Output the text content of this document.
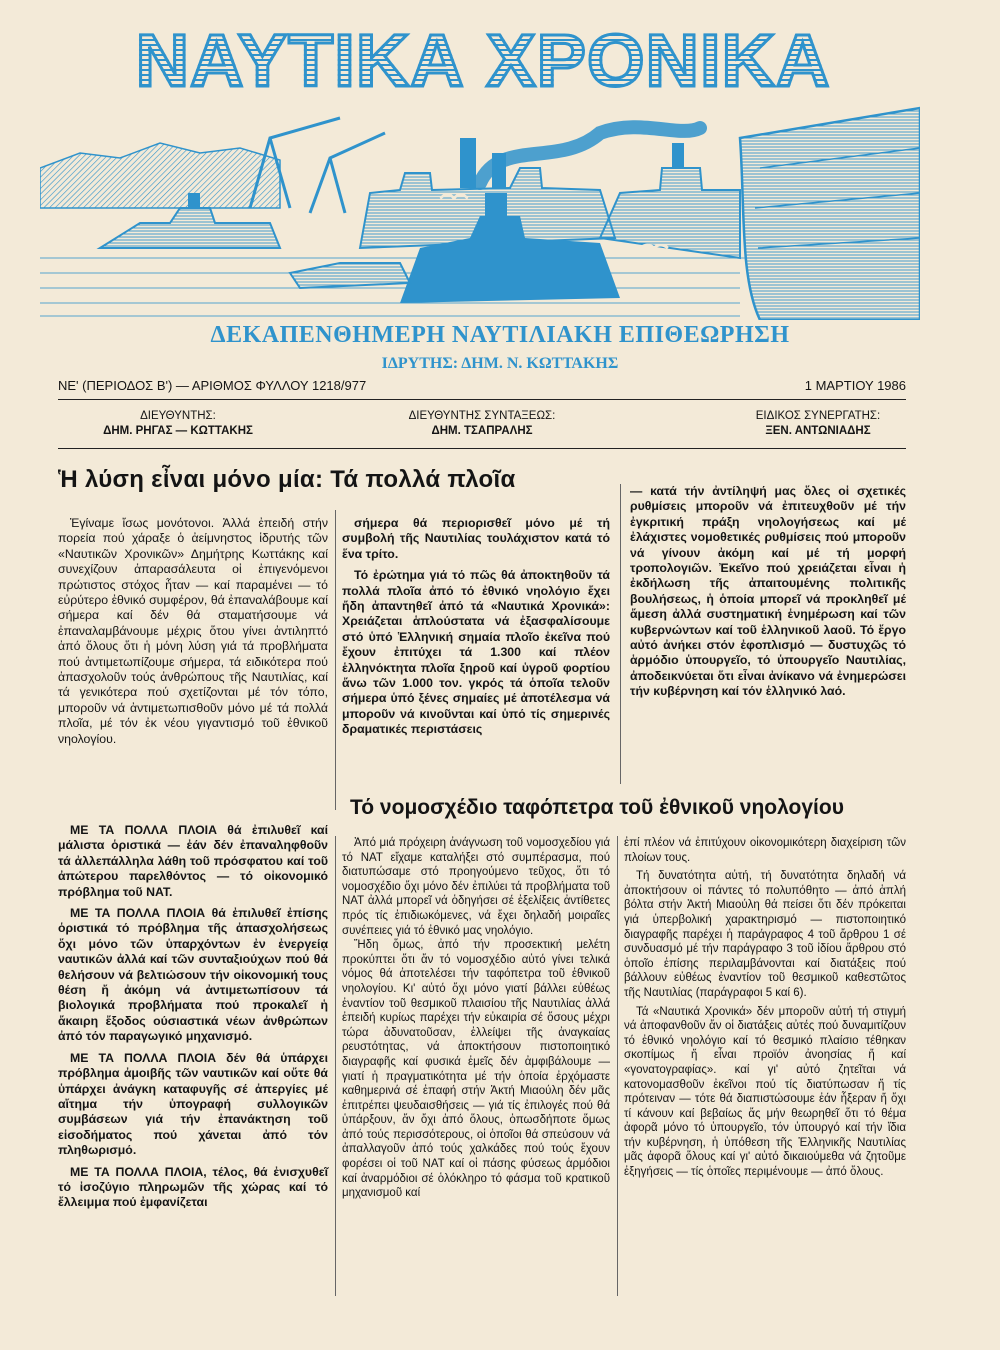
ΝΑΥΤΙΚΑ ΧΡΟΝΙΚΑ
ΔΕΚΑΠΕΝΘΗΜΕΡΗ ΝΑΥΤΙΛΙΑΚΗ ΕΠΙΘΕΩΡΗΣΗ
ΙΔΡΥΤΗΣ: ΔΗΜ. Ν. ΚΩΤΤΑΚΗΣ
ΝΕ' (ΠΕΡΙΟΔΟΣ Β') — ΑΡΙΘΜΟΣ ΦΥΛΛΟΥ 1218/977	1 ΜΑΡΤΙΟΥ 1986
ΔΙΕΥΘΥΝΤΗΣ:
ΔΗΜ. ΡΗΓΑΣ — ΚΩΤΤΑΚΗΣ
ΔΙΕΥΘΥΝΤΗΣ ΣΥΝΤΑΞΕΩΣ:
ΔΗΜ. ΤΣΑΠΡΑΛΗΣ
ΕΙΔΙΚΟΣ ΣΥΝΕΡΓΑΤΗΣ:
ΞΕΝ. ΑΝΤΩΝΙΑΔΗΣ
Ἡ λύση εἶναι μόνο μία: Τά πολλά πλοῖα

Ἐγίναμε ἴσως μονότονοι. Ἀλλά ἐπειδή στήν πορεία πού χάραξε ὁ ἀείμνηστος ἱδρυτής τῶν «Ναυτικῶν Χρονικῶν» Δημήτρης Κωττάκης καί συνεχίζουν ἀπαρασάλευτα οἱ ἐπιγενόμενοι πρώτιστος στόχος ἦταν — καί παραμένει — τό εὐρύτερο ἐθνικό συμφέρον, θά ἐπαναλάβουμε καί σήμερα καί δέν θά σταματήσουμε νά ἐπαναλαμβάνουμε μέχρις ὅτου γίνει ἀντιληπτό ἀπό ὅλους ὅτι ἡ μόνη λύση γιά τά προβλήματα πού ἀντιμετωπίζουμε σήμερα, τά ειδικότερα πού ἀπασχολοῦν τούς ἀνθρώπους τῆς Ναυτιλίας, καί τά γενικότερα πού σχετίζονται μέ τόν τόπο, μποροῦν νά ἀντιμετωπισθοῦν μόνο μέ τά πολλά πλοῖα, μέ τόν ἐκ νέου γιγαντισμό τοῦ ἐθνικοῦ νηολογίου.

ΜΕ ΤΑ ΠΟΛΛΑ ΠΛΟΙΑ θά ἐπιλυθεῖ καί μάλιστα ὁριστικά — ἐάν δέν ἐπαναληφθοῦν τά ἀλλεπάλληλα λάθη τοῦ πρόσφατου καί τοῦ ἀπώτερου παρελθόντος — τό οἰκονομικό πρόβλημα τοῦ ΝΑΤ.

ΜΕ ΤΑ ΠΟΛΛΑ ΠΛΟΙΑ θά ἐπιλυθεῖ ἐπίσης ὁριστικά τό πρόβλημα τῆς ἀπασχολήσεως ὄχι μόνο τῶν ὑπαρχόντων ἐν ἐνεργείᾳ ναυτικῶν ἀλλά καί τῶν συνταξιούχων πού θά θελήσουν νά βελτιώσουν τήν οἰκονομική τους θέση ἤ ἀκόμη νά ἀντιμετωπίσουν τά βιολογικά προβλήματα πού προκαλεῖ ἡ ἄκαιρη ἔξοδος ούσιαστικά νέων ἀνθρώπων ἀπό τόν παραγωγικό μηχανισμό.

ΜΕ ΤΑ ΠΟΛΛΑ ΠΛΟΙΑ δέν θά ὑπάρχει πρόβλημα ἀμοιβῆς τῶν ναυτικῶν καί οὔτε θά ὑπάρχει ἀνάγκη καταφυγῆς σέ ἀπεργίες μέ αἴτημα τήν ὑπογραφή συλλογικῶν συμβάσεων γιά τήν ἐπανάκτηση τοῦ εἰσοδήματος πού χάνεται ἀπό τόν πληθωρισμό.

ΜΕ ΤΑ ΠΟΛΛΑ ΠΛΟΙΑ, τέλος, θά ἐνισχυθεῖ τό ἰσοζύγιο πληρωμῶν τῆς χώρας καί τό ἔλλειμμα πού ἐμφανίζεται

σήμερα θά περιορισθεῖ μόνο μέ τή συμβολή τῆς Ναυτιλίας τουλάχιστον κατά τό ἕνα τρίτο.

Τό ἐρώτημα γιά τό πῶς θά ἀποκτηθοῦν τά πολλά πλοῖα ἀπό τό ἐθνικό νηολόγιο ἔχει ἤδη ἀπαντηθεῖ ἀπό τά «Ναυτικά Χρονικά»: Χρειάζεται ἁπλούστατα νά ἐξασφαλίσουμε στό ὑπό Ἑλληνική σημαία πλοῖο ἐκεῖνα πού ἔχουν ἐπιτύχει τά 1.300 καί πλέον ἑλληνόκτητα πλοῖα ξηροῦ καί ὑγροῦ φορτίου ἄνω τῶν 1.000 τον. γκρός τά ὁποῖα τελοῦν σήμερα ὑπό ξένες σημαίες μέ ἀποτέλεσμα νά μποροῦν νά κινοῦνται καί ὑπό τίς σημερινές δραματικές περιστάσεις

— κατά τήν ἀντίληψή μας ὅλες οἱ σχετικές ρυθμίσεις μποροῦν νά ἐπιτευχθοῦν μέ τήν ἐγκριτική πράξη νηολογήσεως καί μέ ἐλάχιστες νομοθετικές ρυθμίσεις πού μποροῦν νά γίνουν ἀκόμη καί μέ τή μορφή τροπολογιῶν. Ἐκεῖνο πού χρειάζεται εἶναι ἡ ἐκδήλωση τῆς ἀπαιτουμένης πολιτικῆς βουλήσεως, ἡ ὁποία μπορεῖ νά προκληθεῖ μέ ἄμεση ἀλλά συστηματική ἐνημέρωση καί τῶν κυβερνώντων καί τοῦ ἑλληνικοῦ λαοῦ. Τό ἔργο αὐτό ἀνήκει στόν ἐφοπλισμό — δυστυχῶς τό ἁρμόδιο ὑπουργεῖο, τό ὑπουργεῖο Ναυτιλίας, ἀποδεικνύεται ὅτι εἶναι ἀνίκανο νά ἐνημερώσει τήν κυβέρνηση καί τόν ἑλληνικό λαό.

Τό νομοσχέδιο ταφόπετρα τοῦ ἐθνικοῦ νηολογίου

Ἀπό μιά πρόχειρη ἀνάγνωση τοῦ νομοσχεδίου γιά τό ΝΑΤ εἴχαμε καταλήξει στό συμπέρασμα, πού διατυπώσαμε στό προηγούμενο τεῦχος, ὅτι τό νομοσχέδιο ὄχι μόνο δέν ἐπιλύει τά προβλήματα τοῦ ΝΑΤ ἀλλά μπορεῖ νά ὁδηγήσει σέ ἐξελίξεις ἀντίθετες πρός τίς ἐπιδιωκόμενες, νά ἔχει δηλαδή μοιραῖες συνέπειες γιά τό ἐθνικό μας νηολόγιο.

Ἤδη ὅμως, ἀπό τήν προσεκτική μελέτη προκύπτει ὅτι ἄν τό νομοσχέδιο αὐτό γίνει τελικά νόμος θά ἀποτελέσει τήν ταφόπετρα τοῦ ἐθνικοῦ νηολογίου. Κι' αὐτό ὄχι μόνο γιατί βάλλει εὐθέως ἐναντίον τοῦ θεσμικοῦ πλαισίου τῆς Ναυτιλίας ἀλλά ἐπειδή κυρίως παρέχει τήν εὐκαιρία σέ ὅσους μέχρι τώρα ἀδυνατοῦσαν, ἐλλείψει τῆς ἀναγκαίας ρευστότητας, νά ἀποκτήσουν πιστοποιητικό διαγραφῆς καί φυσικά ἐμεῖς δέν ἀμφιβάλουμε — γιατί ἡ πραγματικότητα μέ τήν ὁποία ἐρχόμαστε καθημερινά σέ ἐπαφή στήν Ἀκτή Μιαούλη δέν μᾶς ἐπιτρέπει ψευδαισθήσεις — γιά τίς ἐπιλογές πού θά ὑπάρξουν, ἄν ὄχι ἀπό ὅλους, ὁπωσδήποτε ὅμως ἀπό τούς περισσότερους, οἱ ὁποῖοι θά σπεύσουν νά ἀπαλλαγοῦν ἀπό τούς χαλκάδες πού τούς ἔχουν φορέσει οἱ τοῦ ΝΑΤ καί οἱ πάσης φύσεως ἁρμόδιοι καί ἀναρμόδιοι σέ ὁλόκληρο τό φάσμα τοῦ κρατικοῦ μηχανισμοῦ καί

ἐπί πλέον νά ἐπιτύχουν οἰκονομικότερη διαχείριση τῶν πλοίων τους.

Τή δυνατότητα αὐτή, τή δυνατότητα δηλαδή νά ἀποκτήσουν οἱ πάντες τό πολυπόθητο — ἀπό ἁπλή βόλτα στήν Ἀκτή Μιαούλη θά πείσει ὅτι δέν πρόκειται γιά ὑπερβολική χαρακτηρισμό — πιστοποιητικό διαγραφῆς παρέχει ἡ παράγραφος 4 τοῦ ἄρθρου 1 σέ συνδυασμό μέ τήν παράγραφο 3 τοῦ ἰδίου ἄρθρου στό ὁποῖο ἐπίσης περιλαμβάνονται καί διατάξεις πού βάλλουν εὐθέως ἐναντίον τοῦ θεσμικοῦ καθεστῶτος τῆς Ναυτιλίας (παράγραφοι 5 καί 6).

Τά «Ναυτικά Χρονικά» δέν μποροῦν αὐτή τή στιγμή νά ἀποφανθοῦν ἄν οἱ διατάξεις αὐτές πού δυναμιτίζουν τό ἐθνικό νηολόγιο καί τό θεσμικό πλαίσιο τέθηκαν σκοπίμως ἤ εἶναι προϊόν ἀνοησίας ἤ καί «γονατογραφίας». καί γι' αὐτό ζητεῖται νά κατονομασθοῦν ἐκεῖνοι πού τίς διατύπωσαν ἤ τίς πρότειναν — τότε θά διαπιστώσουμε ἐάν ἦξεραν ἤ ὄχι τί κάνουν καί βεβαίως ἄς μήν θεωρηθεῖ ὅτι τό θέμα ἀφορᾶ μόνο τό ὑπουργεῖο, τόν ὑπουργό καί τήν ἴδια τήν κυβέρνηση, ἡ ὑπόθεση τῆς Ἑλληνικῆς Ναυτιλίας μᾶς ἀφορᾶ ὅλους καί γι' αὐτό δικαιούμεθα νά ζητοῦμε ἐξηγήσεις — τίς ὁποῖες περιμένουμε — ἀπό ὅλους.
